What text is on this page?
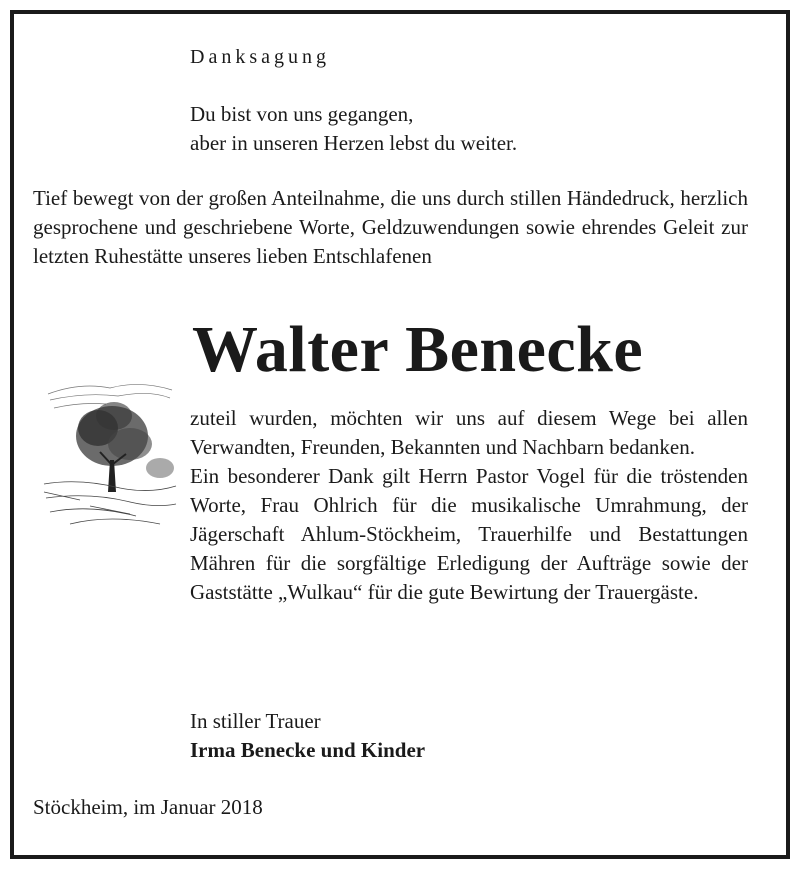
Danksagung
Du bist von uns gegangen,
aber in unseren Herzen lebst du weiter.
Tief bewegt von der großen Anteilnahme, die uns durch stillen Händedruck, herzlich gesprochene und geschriebene Worte, Geldzuwendungen sowie ehrendes Geleit zur letzten Ruhestätte unseres lieben Entschlafenen
Walter Benecke

zuteil wurden, möchten wir uns auf diesem Wege bei allen Verwandten, Freunden, Bekannten und Nachbarn bedanken.

Ein besonderer Dank gilt Herrn Pastor Vogel für die tröstenden Worte, Frau Ohlrich für die musikalische Umrahmung, der Jägerschaft Ahlum-Stöckheim, Trauerhilfe und Bestattungen Mähren für die sorgfältige Erledigung der Aufträge sowie der Gaststätte „Wulkau“ für die gute Bewirtung der Trauergäste.

In stiller Trauer
Irma Benecke und Kinder
Stöckheim, im Januar 2018
